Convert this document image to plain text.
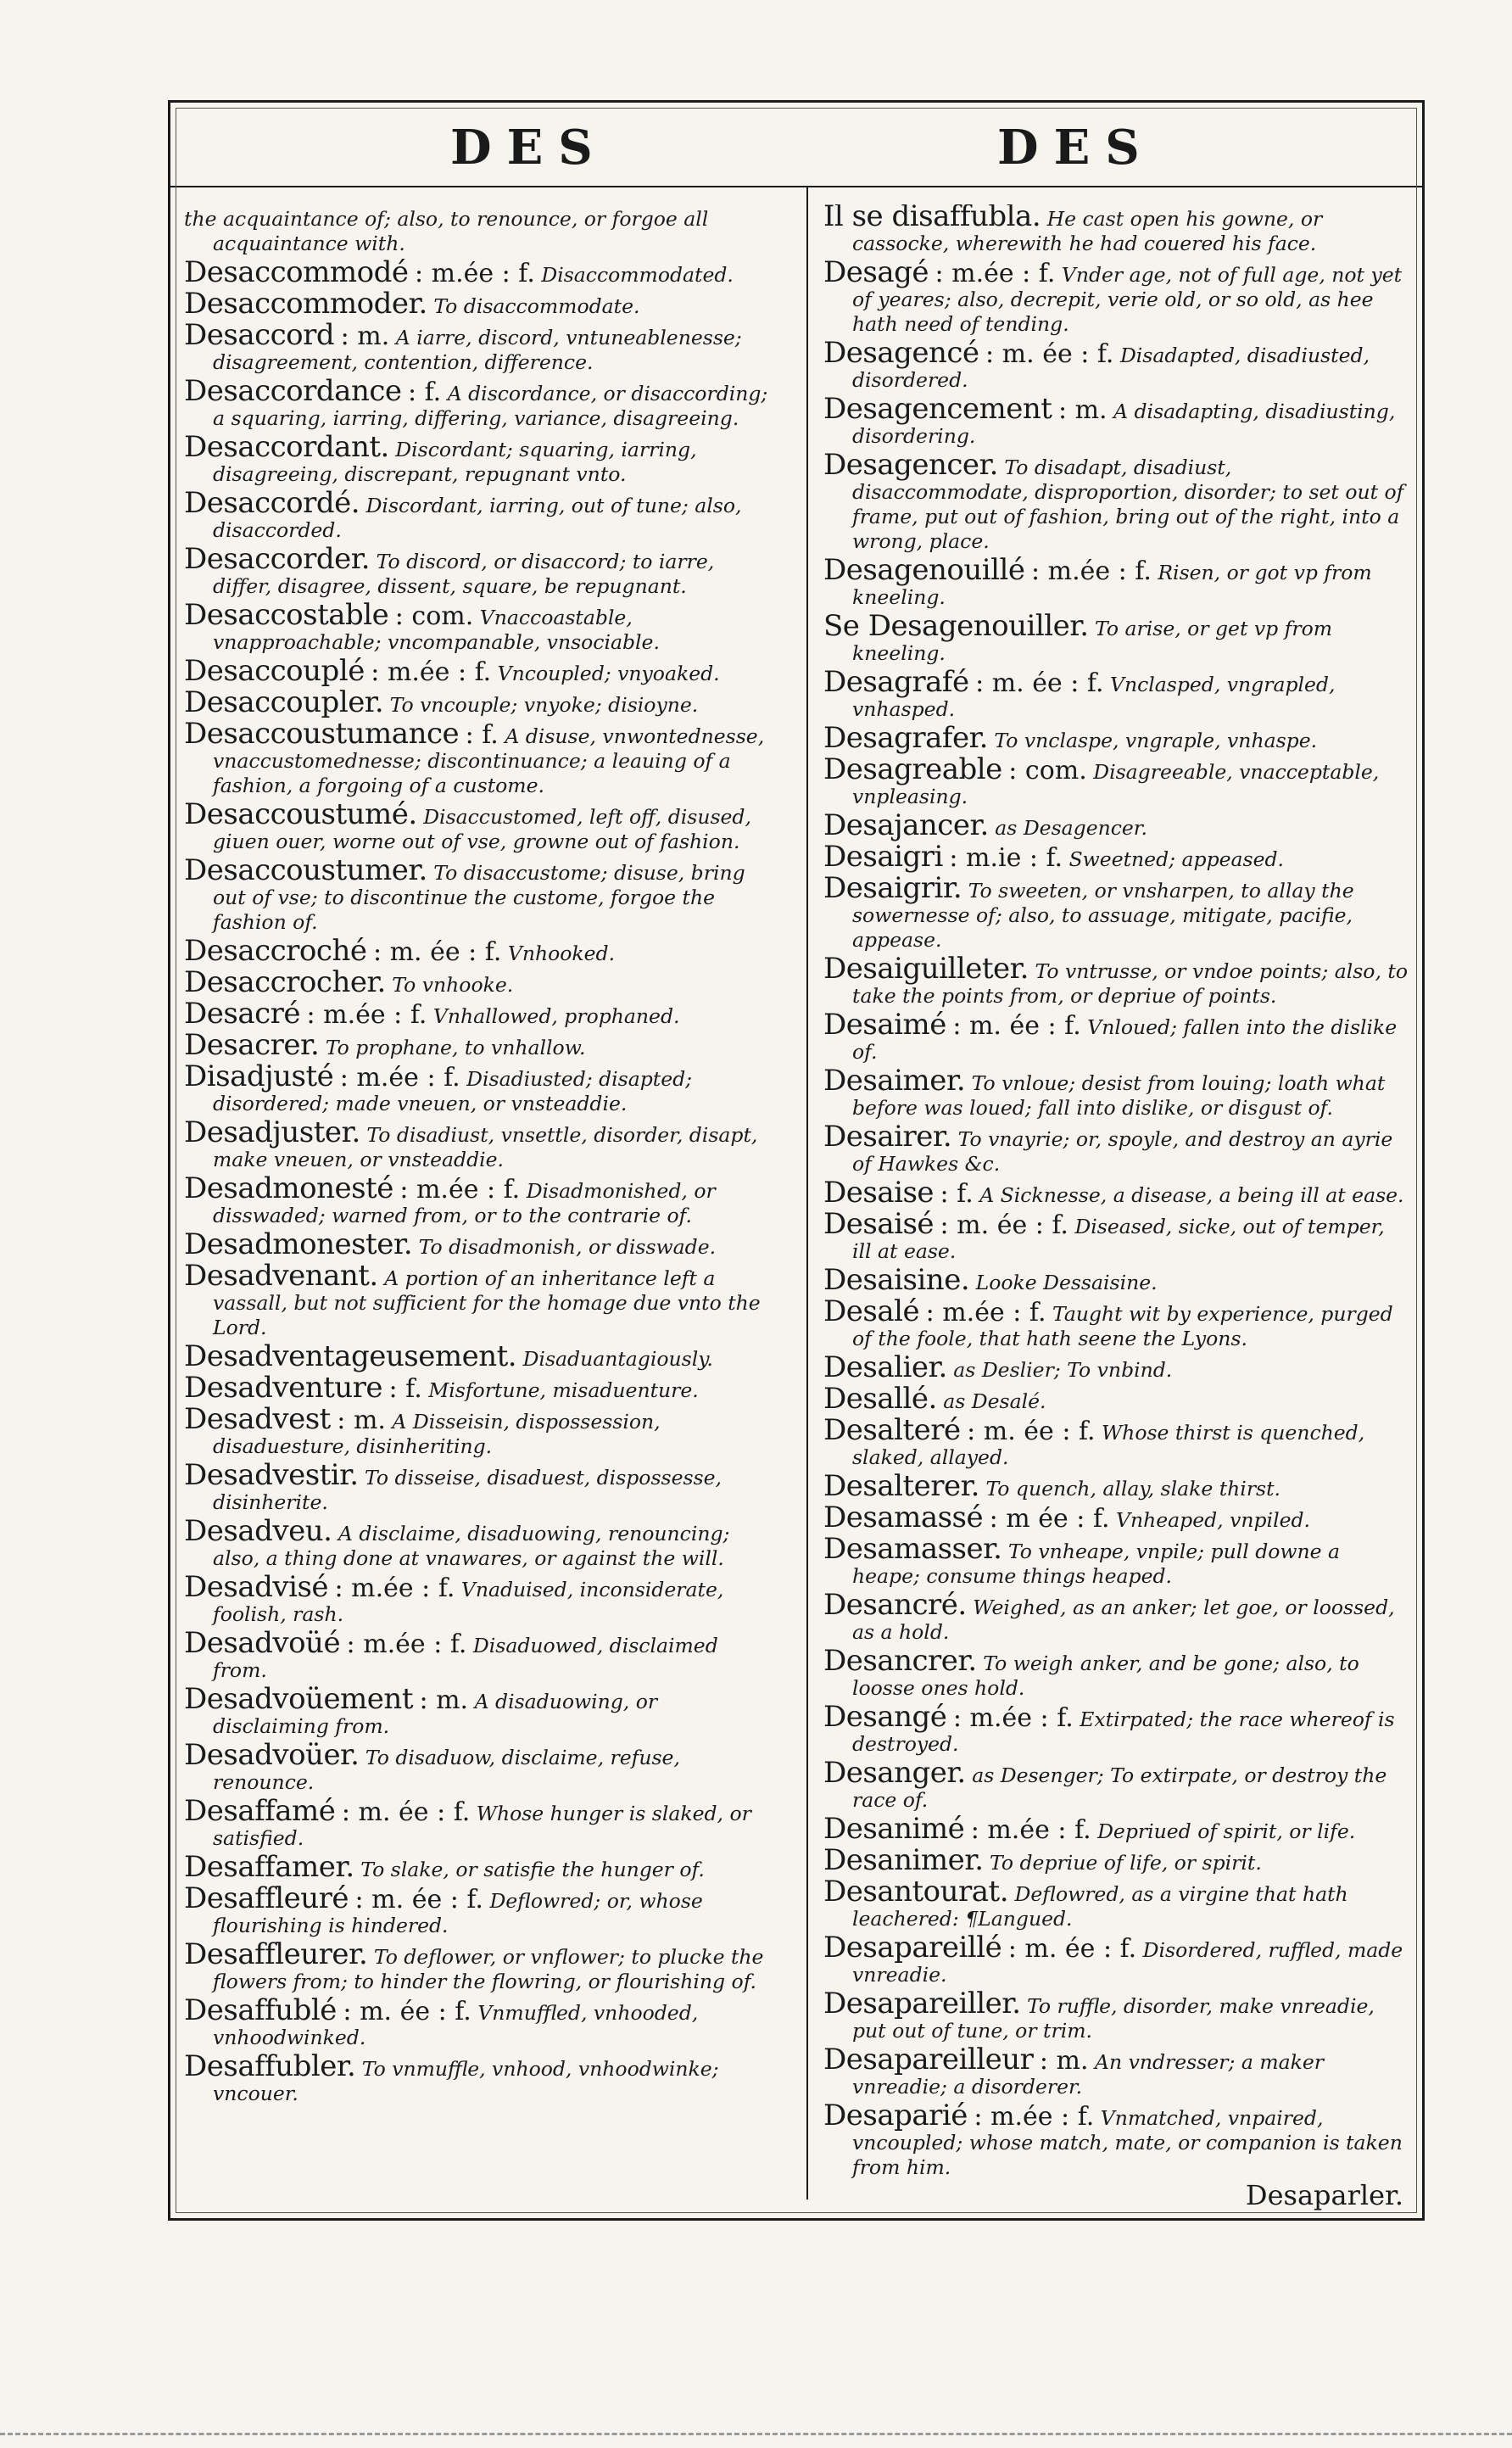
DES	DES

the acquaintance of; also, to renounce, or forgoe all acquaintance with.

Desaccommodé : m.ée : f. Disaccommodated.

Desaccommoder. To disaccommodate.

Desaccord : m. A iarre, discord, vntuneablenesse; disagreement, contention, difference.

Desaccordance : f. A discordance, or disaccording; a squaring, iarring, differing, variance, disagreeing.

Desaccordant. Discordant; squaring, iarring, disagreeing, discrepant, repugnant vnto.

Desaccordé. Discordant, iarring, out of tune; also, disaccorded.

Desaccorder. To discord, or disaccord; to iarre, differ, disagree, dissent, square, be repugnant.

Desaccostable : com. Vnaccoastable, vnapproachable; vncompanable, vnsociable.

Desaccouplé : m.ée : f. Vncoupled; vnyoaked.

Desaccoupler. To vncouple; vnyoke; disioyne.

Desaccoustumance : f. A disuse, vnwontednesse, vnaccustomednesse; discontinuance; a leauing of a fashion, a forgoing of a custome.

Desaccoustumé. Disaccustomed, left off, disused, giuen ouer, worne out of vse, growne out of fashion.

Desaccoustumer. To disaccustome; disuse, bring out of vse; to discontinue the custome, forgoe the fashion of.

Desaccroché : m. ée : f. Vnhooked.

Desaccrocher. To vnhooke.

Desacré : m.ée : f. Vnhallowed, prophaned.

Desacrer. To prophane, to vnhallow.

Disadjusté : m.ée : f. Disadiusted; disapted; disordered; made vneuen, or vnsteaddie.

Desadjuster. To disadiust, vnsettle, disorder, disapt, make vneuen, or vnsteaddie.

Desadmonesté : m.ée : f. Disadmonished, or disswaded; warned from, or to the contrarie of.

Desadmonester. To disadmonish, or disswade.

Desadvenant. A portion of an inheritance left a vassall, but not sufficient for the homage due vnto the Lord.

Desadventageusement. Disaduantagiously.

Desadventure : f. Misfortune, misaduenture.

Desadvest : m. A Disseisin, dispossession, disaduesture, disinheriting.

Desadvestir. To disseise, disaduest, dispossesse, disinherite.

Desadveu. A disclaime, disaduowing, renouncing; also, a thing done at vnawares, or against the will.

Desadvisé : m.ée : f. Vnaduised, inconsiderate, foolish, rash.

Desadvoüé : m.ée : f. Disaduowed, disclaimed from.

Desadvoüement : m. A disaduowing, or disclaiming from.

Desadvoüer. To disaduow, disclaime, refuse, renounce.

Desaffamé : m. ée : f. Whose hunger is slaked, or satisfied.

Desaffamer. To slake, or satisfie the hunger of.

Desaffleuré : m. ée : f. Deflowred; or, whose flourishing is hindered.

Desaffleurer. To deflower, or vnflower; to plucke the flowers from; to hinder the flowring, or flourishing of.

Desaffublé : m. ée : f. Vnmuffled, vnhooded, vnhoodwinked.

Desaffubler. To vnmuffle, vnhood, vnhoodwinke; vncouer.

Il se disaffubla. He cast open his gowne, or cassocke, wherewith he had couered his face.

Desagé : m.ée : f. Vnder age, not of full age, not yet of yeares; also, decrepit, verie old, or so old, as hee hath need of tending.

Desagencé : m. ée : f. Disadapted, disadiusted, disordered.

Desagencement : m. A disadapting, disadiusting, disordering.

Desagencer. To disadapt, disadiust, disaccommodate, disproportion, disorder; to set out of frame, put out of fashion, bring out of the right, into a wrong, place.

Desagenouillé : m.ée : f. Risen, or got vp from kneeling.

Se Desagenouiller. To arise, or get vp from kneeling.

Desagrafé : m. ée : f. Vnclasped, vngrapled, vnhasped.

Desagrafer. To vnclaspe, vngraple, vnhaspe.

Desagreable : com. Disagreeable, vnacceptable, vnpleasing.

Desajancer. as Desagencer.

Desaigri : m.ie : f. Sweetned; appeased.

Desaigrir. To sweeten, or vnsharpen, to allay the sowernesse of; also, to assuage, mitigate, pacifie, appease.

Desaiguilleter. To vntrusse, or vndoe points; also, to take the points from, or depriue of points.

Desaimé : m. ée : f. Vnloued; fallen into the dislike of.

Desaimer. To vnloue; desist from louing; loath what before was loued; fall into dislike, or disgust of.

Desairer. To vnayrie; or, spoyle, and destroy an ayrie of Hawkes &c.

Desaise : f. A Sicknesse, a disease, a being ill at ease.

Desaisé : m. ée : f. Diseased, sicke, out of temper, ill at ease.

Desaisine. Looke Dessaisine.

Desalé : m.ée : f. Taught wit by experience, purged of the foole, that hath seene the Lyons.

Desalier. as Deslier; To vnbind.

Desallé. as Desalé.

Desalteré : m. ée : f. Whose thirst is quenched, slaked, allayed.

Desalterer. To quench, allay, slake thirst.

Desamassé : m ée : f. Vnheaped, vnpiled.

Desamasser. To vnheape, vnpile; pull downe a heape; consume things heaped.

Desancré. Weighed, as an anker; let goe, or loossed, as a hold.

Desancrer. To weigh anker, and be gone; also, to loosse ones hold.

Desangé : m.ée : f. Extirpated; the race whereof is destroyed.

Desanger. as Desenger; To extirpate, or destroy the race of.

Desanimé : m.ée : f. Depriued of spirit, or life.

Desanimer. To depriue of life, or spirit.

Desantourat. Deflowred, as a virgine that hath leachered: ¶Langued.

Desapareillé : m. ée : f. Disordered, ruffled, made vnreadie.

Desapareiller. To ruffle, disorder, make vnreadie, put out of tune, or trim.

Desapareilleur : m. An vndresser; a maker vnreadie; a disorderer.

Desaparié : m.ée : f. Vnmatched, vnpaired, vncoupled; whose match, mate, or companion is taken from him.

Desaparler.
